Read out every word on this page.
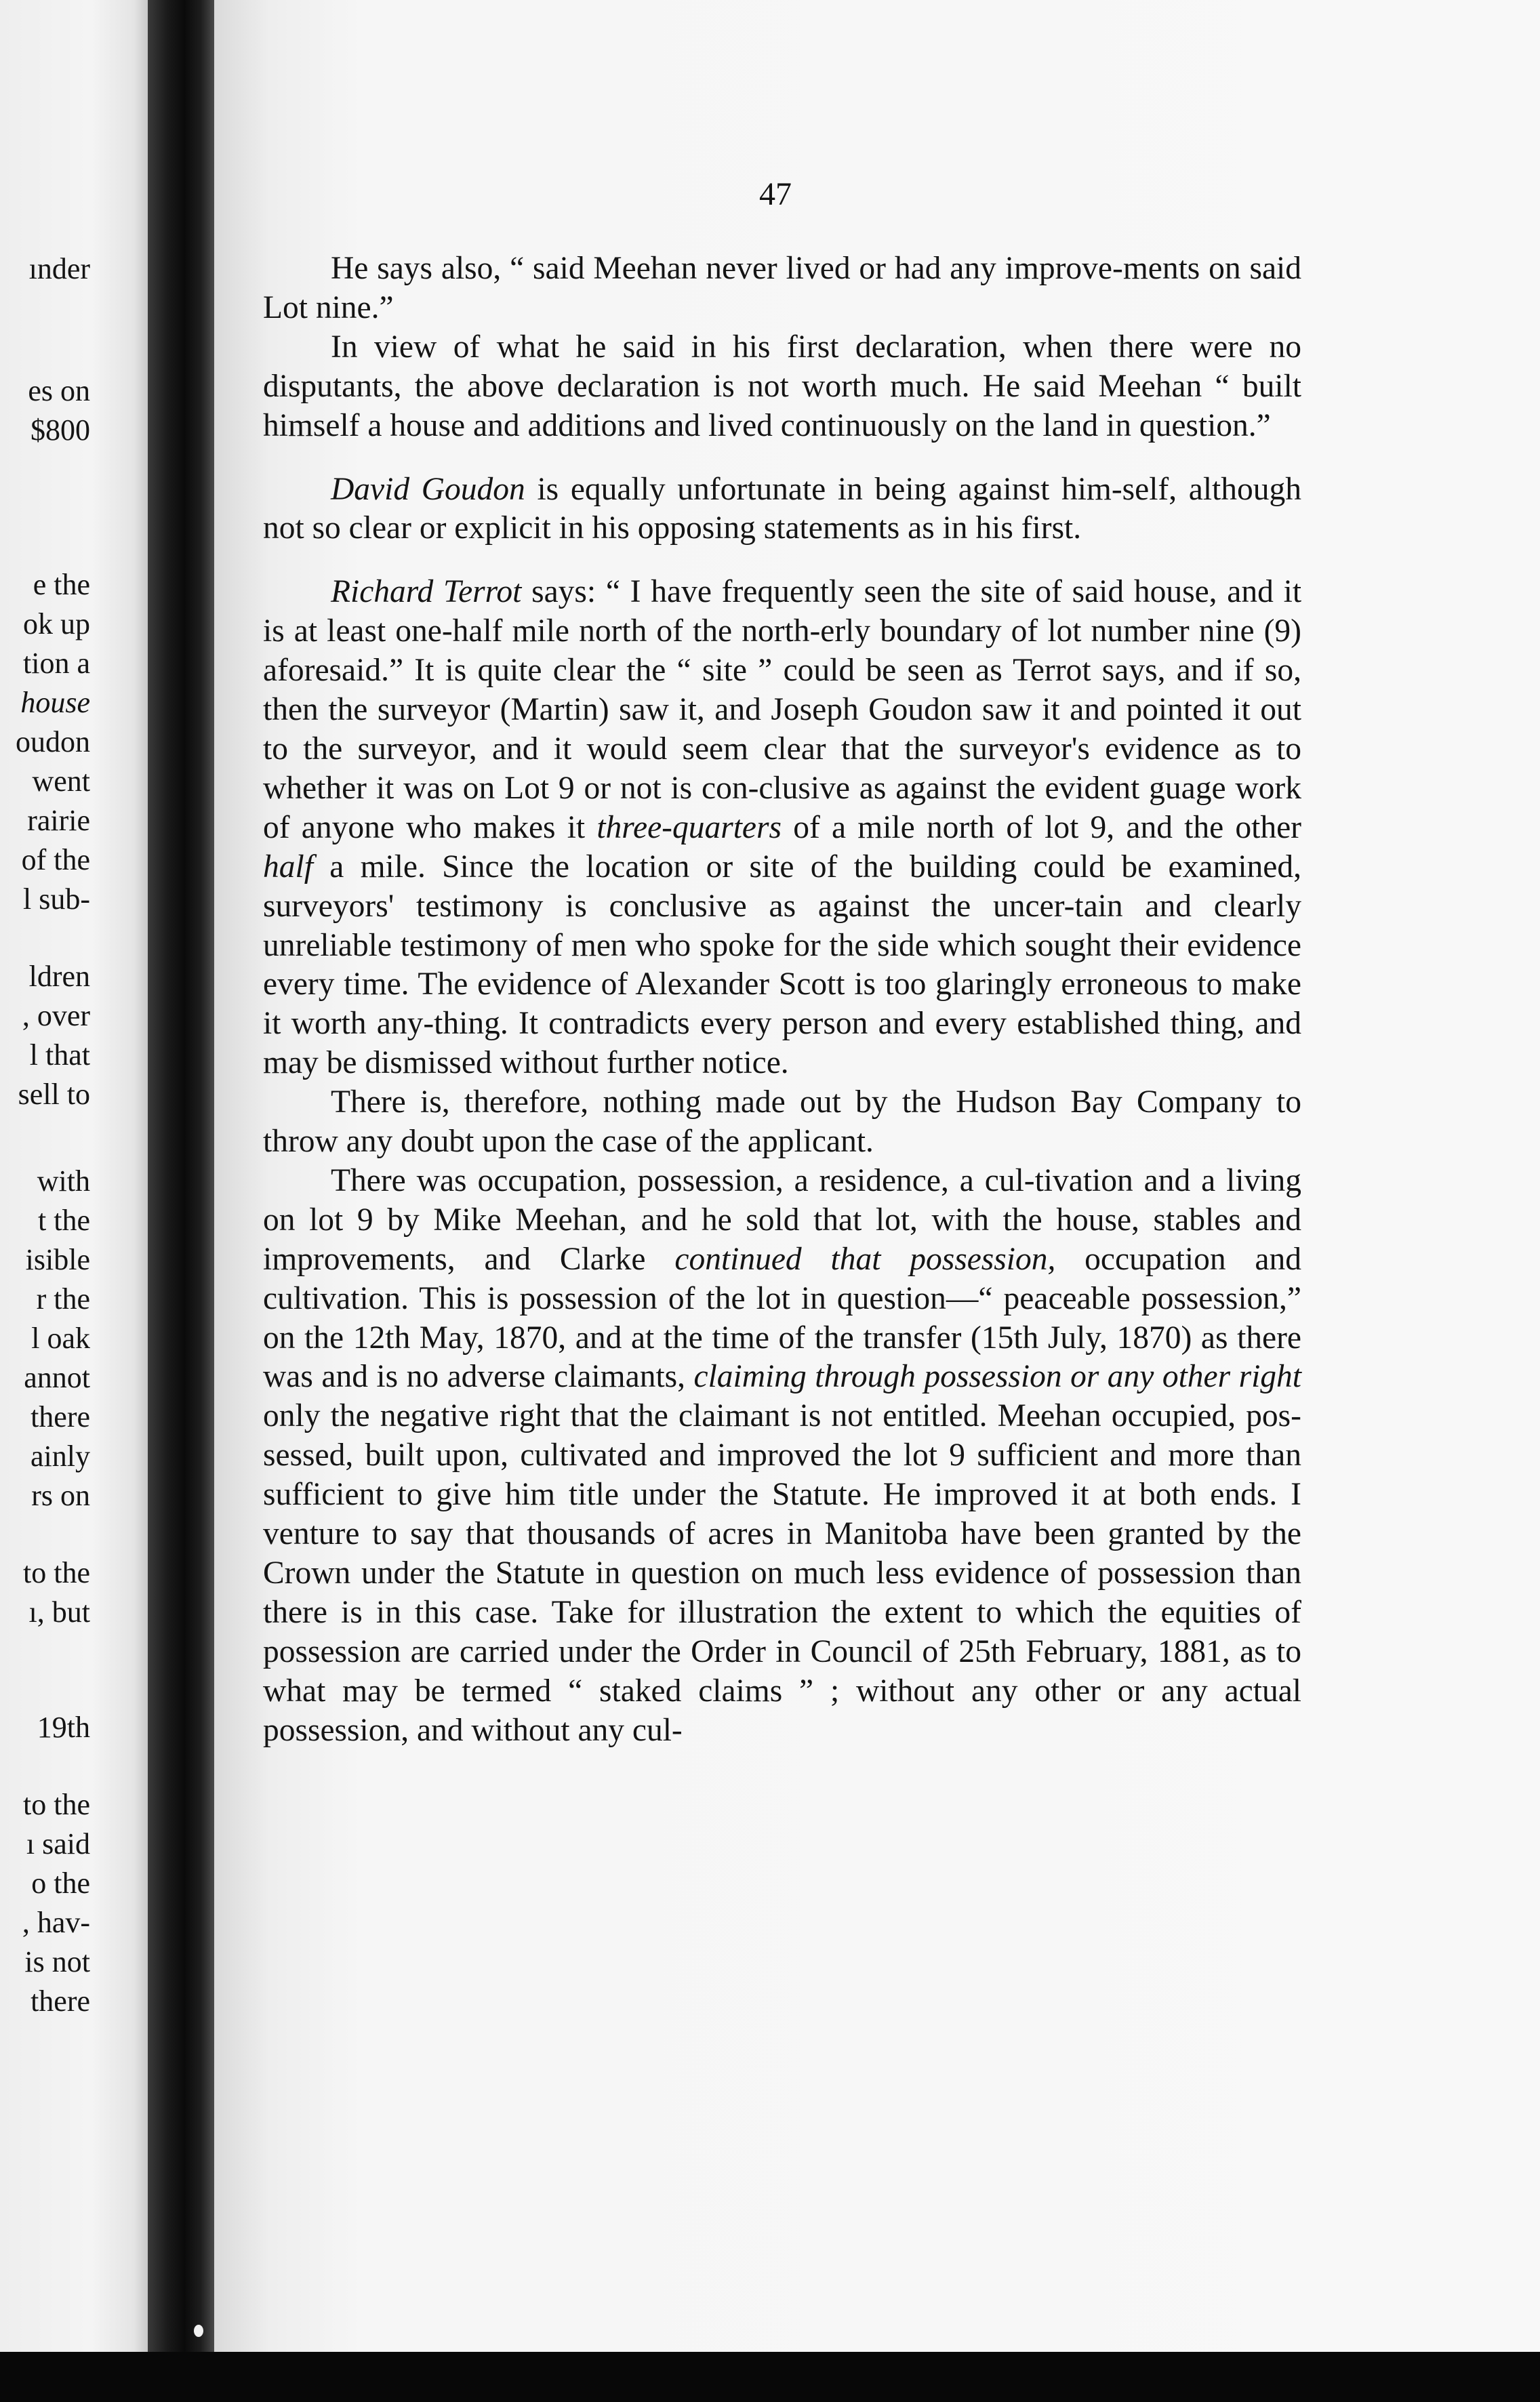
ınder
es on
$800
e the
ok up
tion a
house
oudon
went
rairie
of the
l sub-
ldren
, over
l that
sell to
with
t the
isible
r the
l oak
annot
there
ainly
rs on
to the
ı, but
19th
to the
ı said
o the
, hav-
is not
there
47

He says also, “ said Meehan never lived or had any improve-ments on said Lot nine.”

In view of what he said in his first declaration, when there were no disputants, the above declaration is not worth much. He said Meehan “ built himself a house and additions and lived continuously on the land in question.”

David Goudon is equally unfortunate in being against him-self, although not so clear or explicit in his opposing statements as in his first.

Richard Terrot says: “ I have frequently seen the site of said house, and it is at least one-half mile north of the north-erly boundary of lot number nine (9) aforesaid.” It is quite clear the “ site ” could be seen as Terrot says, and if so, then the surveyor (Martin) saw it, and Joseph Goudon saw it and pointed it out to the surveyor, and it would seem clear that the surveyor's evidence as to whether it was on Lot 9 or not is con-clusive as against the evident guage work of anyone who makes it three-quarters of a mile north of lot 9, and the other half a mile. Since the location or site of the building could be examined, surveyors' testimony is conclusive as against the uncer-tain and clearly unreliable testimony of men who spoke for the side which sought their evidence every time. The evidence of Alexander Scott is too glaringly erroneous to make it worth any-thing. It contradicts every person and every established thing, and may be dismissed without further notice.

There is, therefore, nothing made out by the Hudson Bay Company to throw any doubt upon the case of the applicant.

There was occupation, possession, a residence, a cul-tivation and a living on lot 9 by Mike Meehan, and he sold that lot, with the house, stables and improvements, and Clarke continued that possession, occupation and cultivation. This is possession of the lot in question—“ peaceable possession,” on the 12th May, 1870, and at the time of the transfer (15th July, 1870) as there was and is no adverse claimants, claiming through possession or any other right only the negative right that the claimant is not entitled. Meehan occupied, pos-sessed, built upon, cultivated and improved the lot 9 sufficient and more than sufficient to give him title under the Statute. He improved it at both ends. I venture to say that thousands of acres in Manitoba have been granted by the Crown under the Statute in question on much less evidence of possession than there is in this case. Take for illustration the extent to which the equities of possession are carried under the Order in Council of 25th February, 1881, as to what may be termed “ staked claims ” ; without any other or any actual possession, and without any cul-
